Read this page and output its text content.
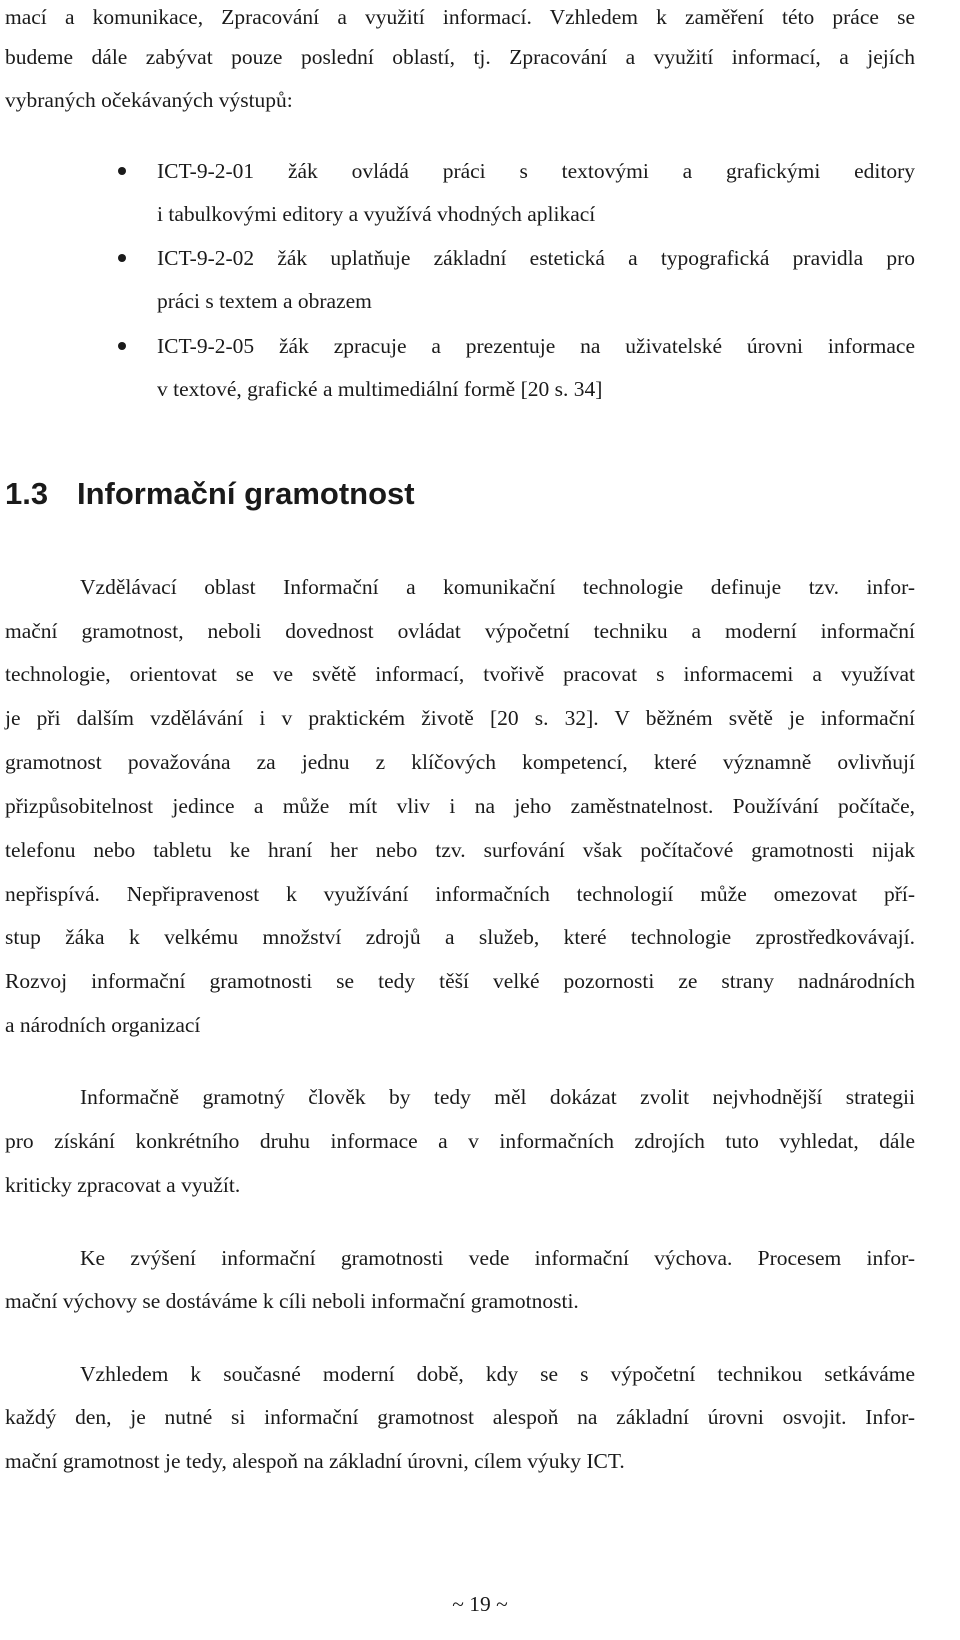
mací a komunikace, Zpracování a využití informací. Vzhledem k zaměření této práce se
budeme dále zabývat pouze poslední oblastí, tj. Zpracování a využití informací, a jejích
vybraných očekávaných výstupů:
ICT-9-2-01 žák ovládá práci s textovými a grafickými editory
i tabulkovými editory a využívá vhodných aplikací
ICT-9-2-02 žák uplatňuje základní estetická a typografická pravidla pro
práci s textem a obrazem
ICT-9-2-05 žák zpracuje a prezentuje na uživatelské úrovni informace
v textové, grafické a multimediální formě [20 s. 34]
1.3 Informační gramotnost
Vzdělávací oblast Informační a komunikační technologie definuje tzv. infor-
mační gramotnost, neboli dovednost ovládat výpočetní techniku a moderní informační
technologie, orientovat se ve světě informací, tvořivě pracovat s informacemi a využívat
je při dalším vzdělávání i v praktickém životě [20 s. 32]. V běžném světě je informační
gramotnost považována za jednu z klíčových kompetencí, které významně ovlivňují
přizpůsobitelnost jedince a může mít vliv i na jeho zaměstnatelnost. Používání počítače,
telefonu nebo tabletu ke hraní her nebo tzv. surfování však počítačové gramotnosti nijak
nepřispívá. Nepřipravenost k využívání informačních technologií může omezovat pří-
stup žáka k velkému množství zdrojů a služeb, které technologie zprostředkovávají.
Rozvoj informační gramotnosti se tedy těší velké pozornosti ze strany nadnárodních
a národních organizací
Informačně gramotný člověk by tedy měl dokázat zvolit nejvhodnější strategii
pro získání konkrétního druhu informace a v informačních zdrojích tuto vyhledat, dále
kriticky zpracovat a využít.
Ke zvýšení informační gramotnosti vede informační výchova. Procesem infor-
mační výchovy se dostáváme k cíli neboli informační gramotnosti.
Vzhledem k současné moderní době, kdy se s výpočetní technikou setkáváme
každý den, je nutné si informační gramotnost alespoň na základní úrovni osvojit. Infor-
mační gramotnost je tedy, alespoň na základní úrovni, cílem výuky ICT.
~ 19 ~
